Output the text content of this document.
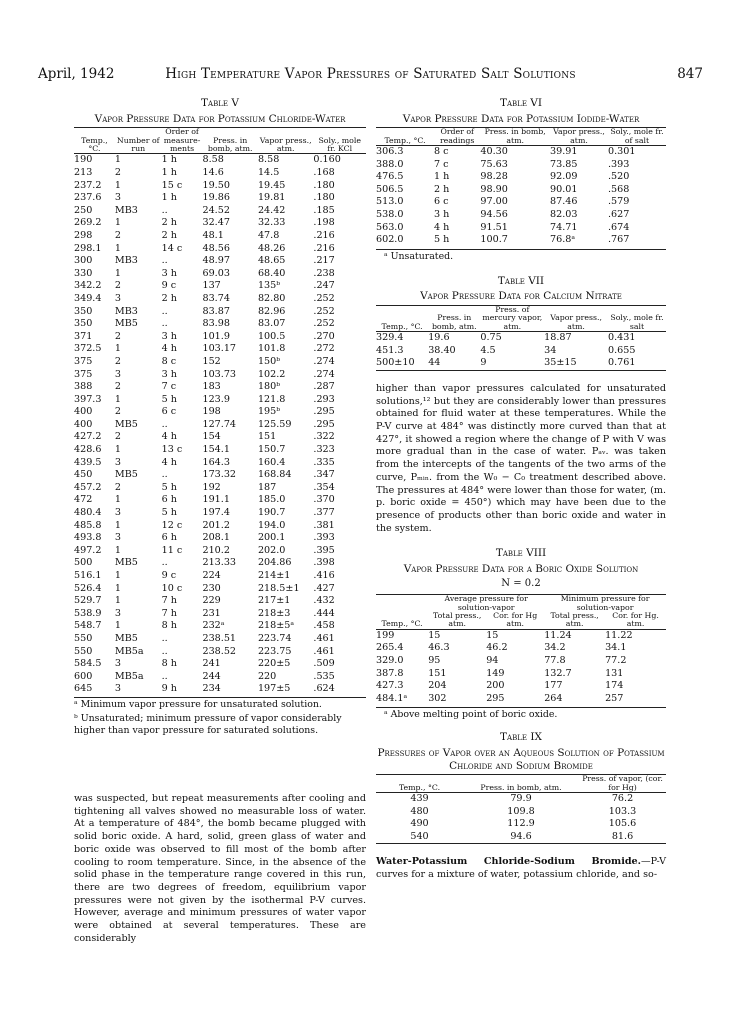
April, 1942	High Temperature Vapor Pressures of Saturated Salt Solutions	847
Table V
Vapor Pressure Data for Potassium Chloride-Water
Temp., °C.	Number of run	Order of measure-ments	Press. in bomb, atm.	Vapor press., atm.	Soly., mole fr. KCl
190	1	1 h	8.58	8.58	0.160
213	2	1 h	14.6	14.5	.168
237.2	1	15 c	19.50	19.45	.180
237.6	3	1 h	19.86	19.81	.180
250	MB3	..	24.52	24.42	.185
269.2	1	2 h	32.47	32.33	.198
298	2	2 h	48.1	47.8	.216
298.1	1	14 c	48.56	48.26	.216
300	MB3	..	48.97	48.65	.217
330	1	3 h	69.03	68.40	.238
342.2	2	9 c	137	135ᵇ	.247
349.4	3	2 h	83.74	82.80	.252
350	MB3	..	83.87	82.96	.252
350	MB5	..	83.98	83.07	.252
371	2	3 h	101.9	100.5	.270
372.5	1	4 h	103.17	101.8	.272
375	2	8 c	152	150ᵇ	.274
375	3	3 h	103.73	102.2	.274
388	2	7 c	183	180ᵇ	.287
397.3	1	5 h	123.9	121.8	.293
400	2	6 c	198	195ᵇ	.295
400	MB5	..	127.74	125.59	.295
427.2	2	4 h	154	151	.322
428.6	1	13 c	154.1	150.7	.323
439.5	3	4 h	164.3	160.4	.335
450	MB5	..	173.32	168.84	.347
457.2	2	5 h	192	187	.354
472	1	6 h	191.1	185.0	.370
480.4	3	5 h	197.4	190.7	.377
485.8	1	12 c	201.2	194.0	.381
493.8	3	6 h	208.1	200.1	.393
497.2	1	11 c	210.2	202.0	.395
500	MB5	..	213.33	204.86	.398
516.1	1	9 c	224	214±1	.416
526.4	1	10 c	230	218.5±1	.427
529.7	1	7 h	229	217±1	.432
538.9	3	7 h	231	218±3	.444
548.7	1	8 h	232ᵃ	218±5ᵃ	.458
550	MB5	..	238.51	223.74	.461
550	MB5a	..	238.52	223.75	.461
584.5	3	8 h	241	220±5	.509
600	MB5a	..	244	220	.535
645	3	9 h	234	197±5	.624
ᵃ Minimum vapor pressure for unsaturated solution.
ᵇ Unsaturated; minimum pressure of vapor considerably higher than vapor pressure for saturated solutions.
was suspected, but repeat measurements after cooling and tightening all valves showed no measurable loss of water. At a temperature of 484°, the bomb became plugged with solid boric oxide. A hard, solid, green glass of water and boric oxide was observed to fill most of the bomb after cooling to room temperature. Since, in the absence of the solid phase in the temperature range covered in this run, there are two degrees of freedom, equilibrium vapor pressures were not given by the isothermal P-V curves. However, average and minimum pressures of water vapor were obtained at several temperatures. These are considerably
Table VI
Vapor Pressure Data for Potassium Iodide-Water
Temp., °C.	Order of readings	Press. in bomb, atm.	Vapor press., atm.	Soly., mole fr. of salt
306.3	8 c	40.30	39.91	0.301
388.0	7 c	75.63	73.85	.393
476.5	1 h	98.28	92.09	.520
506.5	2 h	98.90	90.01	.568
513.0	6 c	97.00	87.46	.579
538.0	3 h	94.56	82.03	.627
563.0	4 h	91.51	74.71	.674
602.0	5 h	100.7	76.8ᵃ	.767
ᵃ Unsaturated.
Table VII
Vapor Pressure Data for Calcium Nitrate
Temp., °C.	Press. in bomb, atm.	Press. of mercury vapor, atm.	Vapor press., atm.	Soly., mole fr. salt
329.4	19.6	0.75	18.87	0.431
451.3	38.40	4.5	34	0.655
500±10	44	9	35±15	0.761
higher than vapor pressures calculated for unsaturated solutions,¹² but they are considerably lower than pressures obtained for fluid water at these temperatures. While the P-V curve at 484° was distinctly more curved than that at 427°, it showed a region where the change of P with V was more gradual than in the case of water. Pₐᵥ. was taken from the intercepts of the tangents of the two arms of the curve, Pₘᵢₙ. from the W₀ − C₀ treatment described above. The pressures at 484° were lower than those for water, (m. p. boric oxide = 450°) which may have been due to the presence of products other than boric oxide and water in the system.
Table VIII
Vapor Pressure Data for a Boric Oxide Solution
N = 0.2
	Average pressure for solution-vapor		Minimum pressure for solution-vapor	
Temp., °C.	Total press., atm.	Cor. for Hg atm.	Total press., atm.	Cor. for Hg. atm.
199	15	15	11.24	11.22
265.4	46.3	46.2	34.2	34.1
329.0	95	94	77.8	77.2
387.8	151	149	132.7	131
427.3	204	200	177	174
484.1ᵃ	302	295	264	257
ᵃ Above melting point of boric oxide.
Table IX
Pressures of Vapor over an Aqueous Solution of Potassium Chloride and Sodium Bromide
Temp., °C.	Press. in bomb, atm.	Press. of vapor, (cor. for Hg)
439	79.9	76.2
480	109.8	103.3
490	112.9	105.6
540	94.6	81.6
Water-Potassium Chloride-Sodium Bromide.—P-V curves for a mixture of water, potassium chloride, and so-
